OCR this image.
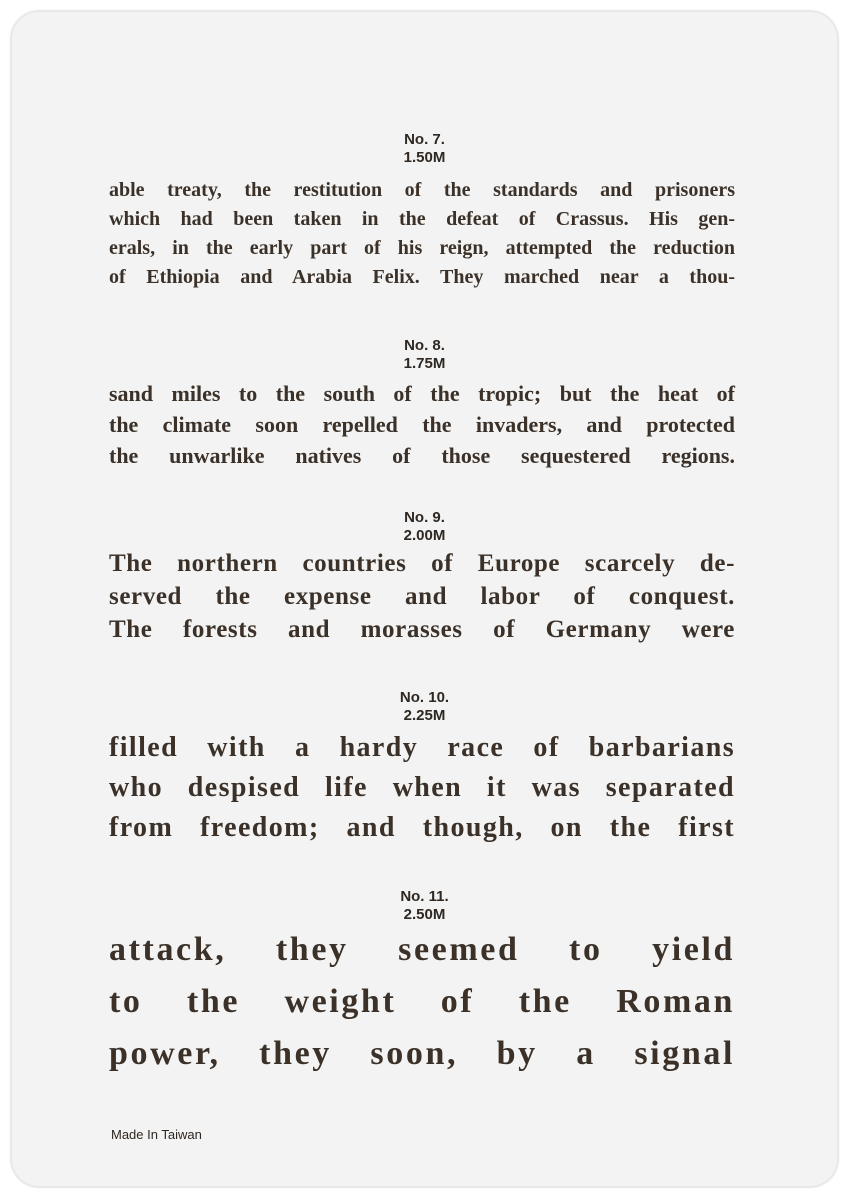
No. 7.
1.50M
able treaty, the restitution of the standards and prisoners
which had been taken in the defeat of Crassus. His gen-
erals, in the early part of his reign, attempted the reduction
of Ethiopia and Arabia Felix. They marched near a thou-
No. 8.
1.75M
sand miles to the south of the tropic; but the heat of
the climate soon repelled the invaders, and protected
the unwarlike natives of those sequestered regions.
No. 9.
2.00M
The northern countries of Europe scarcely de-
served the expense and labor of conquest.
The forests and morasses of Germany were
No. 10.
2.25M
filled with a hardy race of barbarians
who despised life when it was separated
from freedom; and though, on the first
No. 11.
2.50M
attack, they seemed to yield
to the weight of the Roman
power, they soon, by a signal
Made In Taiwan
